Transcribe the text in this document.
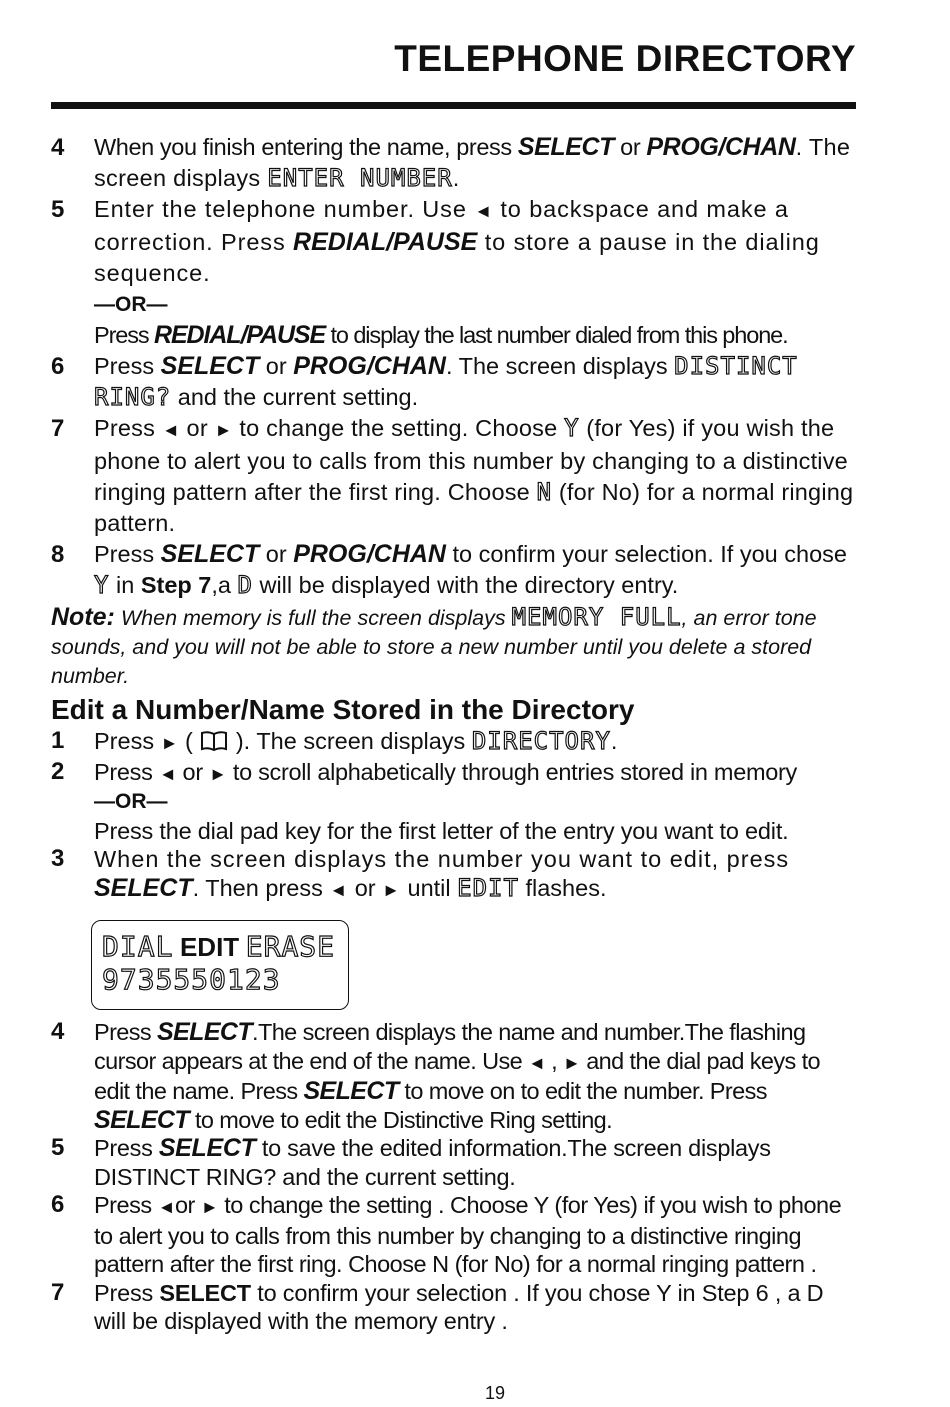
TELEPHONE DIRECTORY
4	When you finish entering the name, press SELECT or PROG/CHAN. The screen displays ENTER NUMBER.
5	Enter the telephone number. Use ◄ to backspace and make a correction. Press REDIAL/PAUSE to store a pause in the dialing sequence.
—OR—
Press REDIAL/PAUSE to display the last number dialed from this phone.
6	Press SELECT or PROG/CHAN. The screen displays DISTINCT RING? and the current setting.
7	Press ◄ or ► to change the setting. Choose Y (for Yes) if you wish the phone to alert you to calls from this number by changing to a distinctive ringing pattern after the first ring. Choose N (for No) for a normal ringing pattern.
8	Press SELECT or PROG/CHAN to confirm your selection. If you chose Y in Step 7,a D will be displayed with the directory entry.
Note: When memory is full the screen displays MEMORY FULL, an error tone sounds, and you will not be able to store a new number until you delete a stored number.
Edit a Number/Name Stored in the Directory
1	Press ► (  ). The screen displays DIRECTORY.
2	Press ◄ or ► to scroll alphabetically through entries stored in memory
—OR—
Press the dial pad key for the first letter of the entry you want to edit.
3	When the screen displays the number you want to edit, press SELECT. Then press ◄ or ► until EDIT flashes.
DIAL EDIT ERASE
9735550123
4	Press SELECT.The screen displays the name and number.The flashing cursor appears at the end of the name. Use ◄ , ► and the dial pad keys to edit the name. Press SELECT to move on to edit the number. Press SELECT to move to edit the Distinctive Ring setting.
5	Press SELECT to save the edited information.The screen displays DISTINCT RING? and the current setting.
6	Press ◄or ► to change the setting . Choose Y (for Yes) if you wish to phone to alert you to calls from this number by changing to a distinctive ringing pattern after the first ring. Choose N (for No) for a normal ringing pattern .
7	Press SELECT to confirm your selection . If you chose Y in Step 6 , a D will be displayed with the memory entry .
19
